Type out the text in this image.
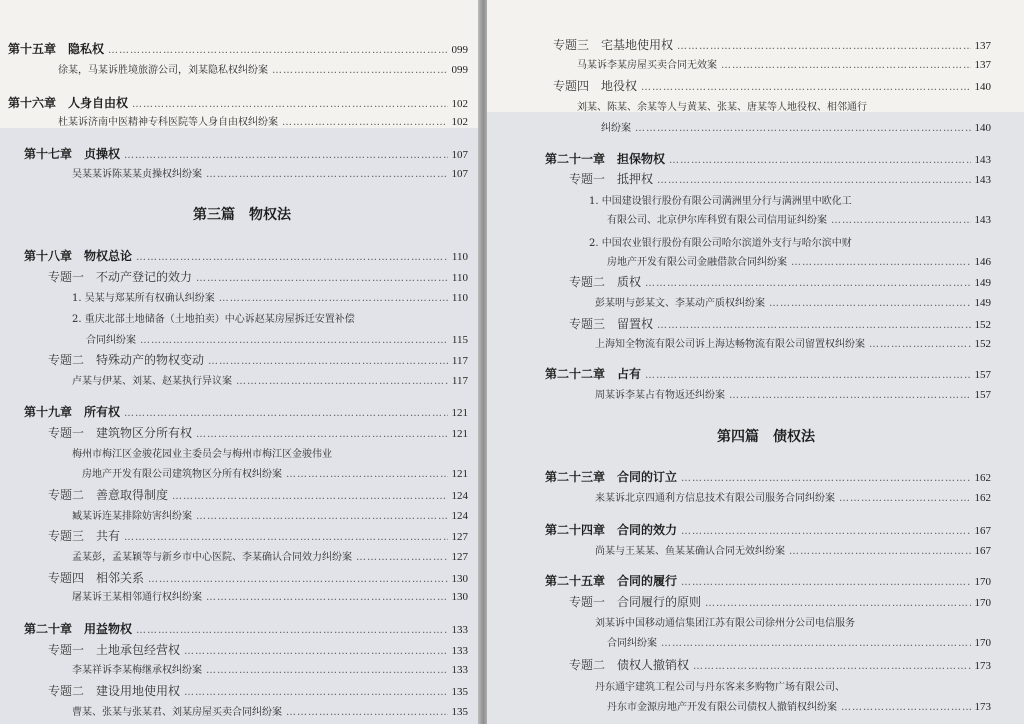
第十五章　隐私权 ……………………………………………………………………………………………………………………………………………………………………………………………………………	099
徐某，马某诉胜境旅游公司，刘某隐私权纠纷案 ……………………………………………………………………………………………………………………………………………………………………………………………………………	099
第十六章　人身自由权 ……………………………………………………………………………………………………………………………………………………………………………………………………………	102
杜某诉济南中医精神专科医院等人身自由权纠纷案 ……………………………………………………………………………………………………………………………………………………………………………………………………………	102
第十七章　贞操权 ……………………………………………………………………………………………………………………………………………………………………………………………………………	107
吴某某诉陈某某贞操权纠纷案 ……………………………………………………………………………………………………………………………………………………………………………………………………………	107
第十八章　物权总论 ……………………………………………………………………………………………………………………………………………………………………………………………………………	110
专题一　不动产登记的效力 ……………………………………………………………………………………………………………………………………………………………………………………………………………	110
1. 吴某与郑某所有权确认纠纷案 ……………………………………………………………………………………………………………………………………………………………………………………………………………	110
2. 重庆北部土地储备（土地拍卖）中心诉赵某房屋拆迁安置补偿
合同纠纷案 ……………………………………………………………………………………………………………………………………………………………………………………………………………	115
专题二　特殊动产的物权变动 ……………………………………………………………………………………………………………………………………………………………………………………………………………	117
卢某与伊某、刘某、赵某执行异议案 ……………………………………………………………………………………………………………………………………………………………………………………………………………	117
第十九章　所有权 ……………………………………………………………………………………………………………………………………………………………………………………………………………	121
专题一　建筑物区分所有权 ……………………………………………………………………………………………………………………………………………………………………………………………………………	121
梅州市梅江区金骏花园业主委员会与梅州市梅江区金骏伟业
房地产开发有限公司建筑物区分所有权纠纷案 ……………………………………………………………………………………………………………………………………………………………………………………………………………	121
专题二　善意取得制度 ……………………………………………………………………………………………………………………………………………………………………………………………………………	124
臧某诉连某排除妨害纠纷案 ……………………………………………………………………………………………………………………………………………………………………………………………………………	124
专题三　共有 ……………………………………………………………………………………………………………………………………………………………………………………………………………	127
孟某彭，孟某颖等与新乡市中心医院、李某确认合同效力纠纷案 ……………………………………………………………………………………………………………………………………………………………………………………………………………	127
专题四　相邻关系 ……………………………………………………………………………………………………………………………………………………………………………………………………………	130
屠某诉王某相邻通行权纠纷案 ……………………………………………………………………………………………………………………………………………………………………………………………………………	130
第二十章　用益物权 ……………………………………………………………………………………………………………………………………………………………………………………………………………	133
专题一　土地承包经营权 ……………………………………………………………………………………………………………………………………………………………………………………………………………	133
李某祥诉李某梅继承权纠纷案 ……………………………………………………………………………………………………………………………………………………………………………………………………………	133
专题二　建设用地使用权 ……………………………………………………………………………………………………………………………………………………………………………………………………………	135
曹某、张某与张某君、刘某房屋买卖合同纠纷案 ……………………………………………………………………………………………………………………………………………………………………………………………………………	135
第三篇　物权法
专题三　宅基地使用权 ……………………………………………………………………………………………………………………………………………………………………………………………………………	137
马某诉李某房屋买卖合同无效案 ……………………………………………………………………………………………………………………………………………………………………………………………………………	137
专题四　地役权 ……………………………………………………………………………………………………………………………………………………………………………………………………………	140
刘某、陈某、余某等人与黄某、张某、唐某等人地役权、相邻通行
纠纷案 ……………………………………………………………………………………………………………………………………………………………………………………………………………	140
第二十一章　担保物权 ……………………………………………………………………………………………………………………………………………………………………………………………………………	143
专题一　抵押权 ……………………………………………………………………………………………………………………………………………………………………………………………………………	143
1. 中国建设银行股份有限公司满洲里分行与满洲里中欧化工
有限公司、北京伊尔库科贸有限公司信用证纠纷案 ……………………………………………………………………………………………………………………………………………………………………………………………………………	143
2. 中国农业银行股份有限公司哈尔滨道外支行与哈尔滨中财
房地产开发有限公司金融借款合同纠纷案 ……………………………………………………………………………………………………………………………………………………………………………………………………………	146
专题二　质权 ……………………………………………………………………………………………………………………………………………………………………………………………………………	149
彭某明与彭某文、李某动产质权纠纷案 ……………………………………………………………………………………………………………………………………………………………………………………………………………	149
专题三　留置权 ……………………………………………………………………………………………………………………………………………………………………………………………………………	152
上海知全物流有限公司诉上海达畅物流有限公司留置权纠纷案 ……………………………………………………………………………………………………………………………………………………………………………………………………………	152
第二十二章　占有 ……………………………………………………………………………………………………………………………………………………………………………………………………………	157
周某诉李某占有物返还纠纷案 ……………………………………………………………………………………………………………………………………………………………………………………………………………	157
第二十三章　合同的订立 ……………………………………………………………………………………………………………………………………………………………………………………………………………	162
来某诉北京四通利方信息技术有限公司服务合同纠纷案 ……………………………………………………………………………………………………………………………………………………………………………………………………………	162
第二十四章　合同的效力 ……………………………………………………………………………………………………………………………………………………………………………………………………………	167
尚某与王某某、鱼某某确认合同无效纠纷案 ……………………………………………………………………………………………………………………………………………………………………………………………………………	167
第二十五章　合同的履行 ……………………………………………………………………………………………………………………………………………………………………………………………………………	170
专题一　合同履行的原则 ……………………………………………………………………………………………………………………………………………………………………………………………………………	170
刘某诉中国移动通信集团江苏有限公司徐州分公司电信服务
合同纠纷案 ……………………………………………………………………………………………………………………………………………………………………………………………………………	170
专题二　债权人撤销权 ……………………………………………………………………………………………………………………………………………………………………………………………………………	173
丹东通宇建筑工程公司与丹东客来多购物广场有限公司、
丹东市金源房地产开发有限公司债权人撤销权纠纷案 ……………………………………………………………………………………………………………………………………………………………………………………………………………	173
第四篇　债权法
